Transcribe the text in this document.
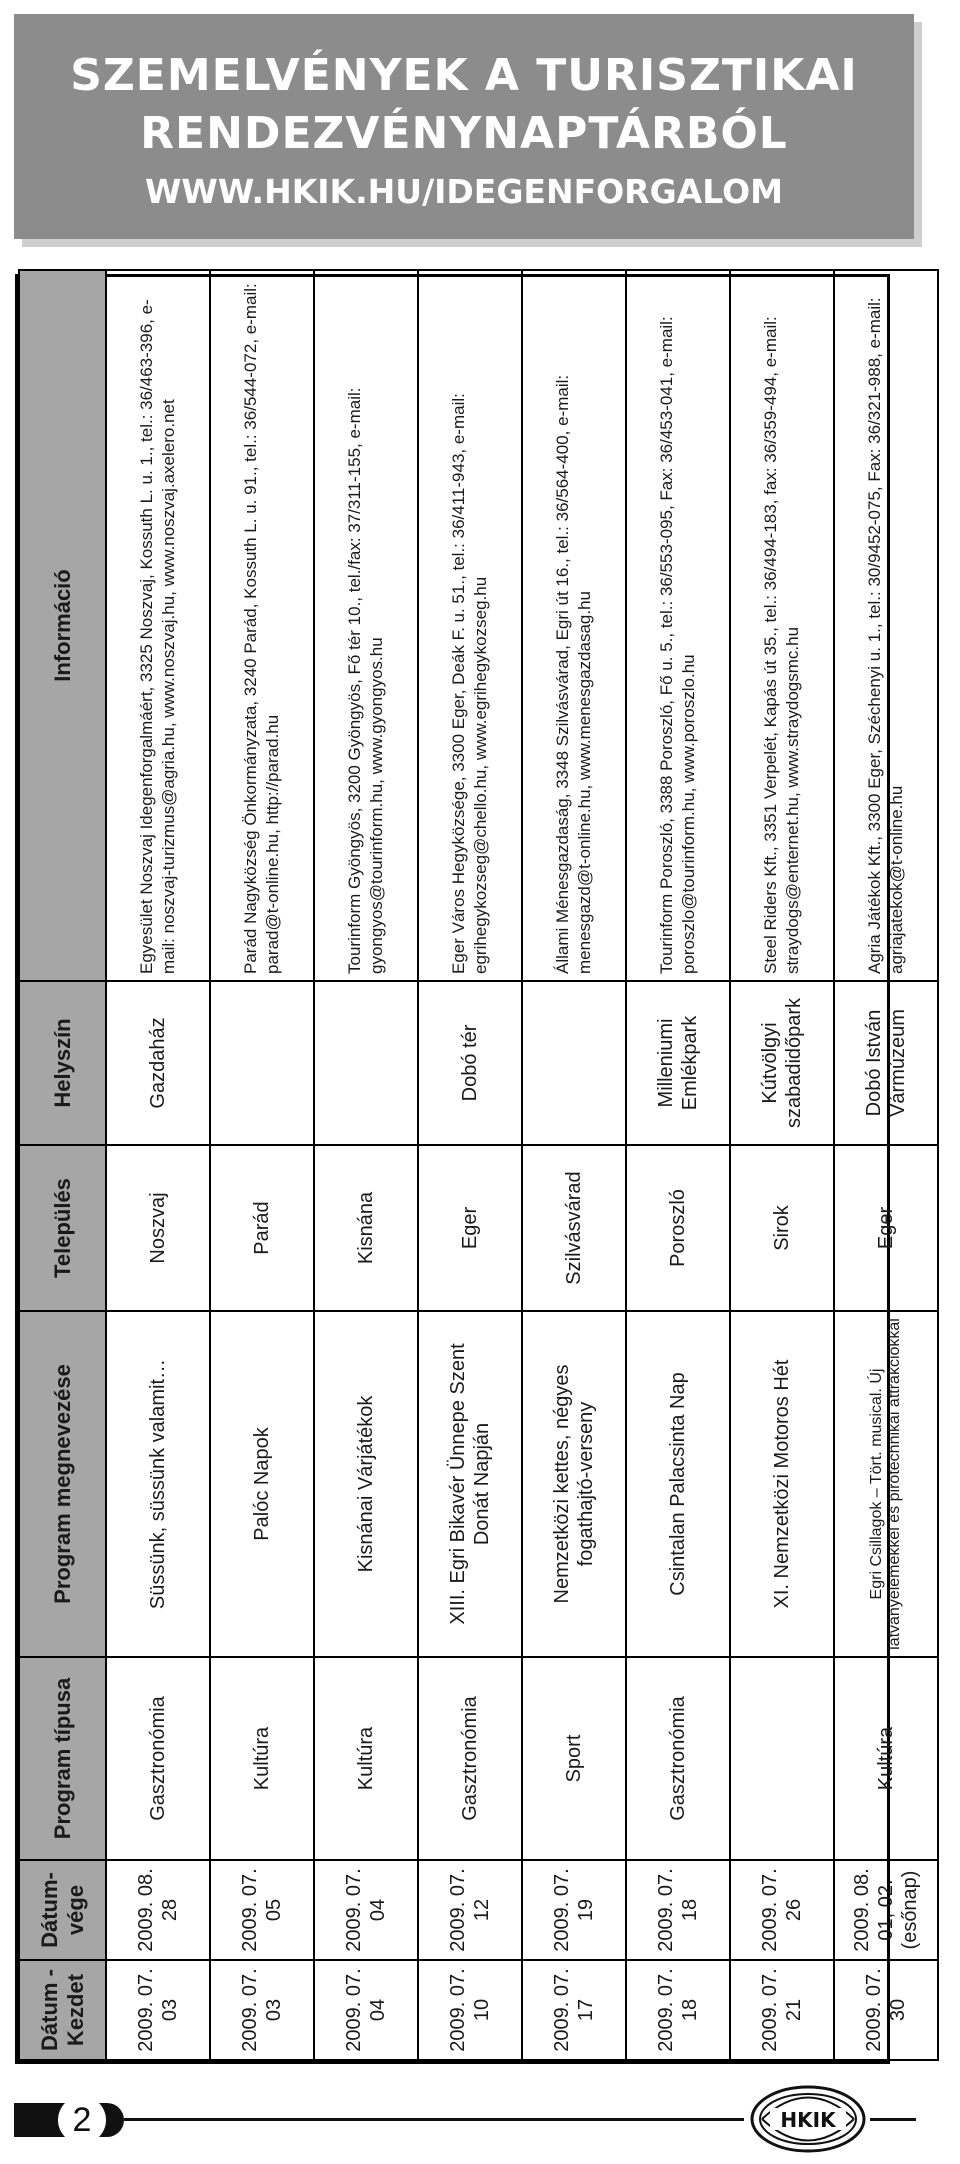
SZEMELVÉNYEK A TURISZTIKAI
RENDEZVÉNYNAPTÁRBÓL
WWW.HKIK.HU/IDEGENFORGALOM
Dátum - Kezdet	Dátum-vége	Program típusa	Program megnevezése	Település	Helyszín	Információ
2009. 07. 03	2009. 08. 28	Gasztronómia	Süssünk, süssünk valamit…	Noszvaj	Gazdaház	Egyesület Noszvaj Idegenforgalmáért, 3325 Noszvaj, Kossuth L. u. 1., tel.: 36/463-396, e-mail: noszvaj-turizmus@agria.hu, www.noszvaj.hu, www.noszvaj.axelero.net
2009. 07. 03	2009. 07. 05	Kultúra	Palóc Napok	Parád		Parád Nagyközség Önkormányzata, 3240 Parád, Kossuth L. u. 91., tel.: 36/544-072, e-mail: parad@t-online.hu, http://parad.hu
2009. 07. 04	2009. 07. 04	Kultúra	Kisnánai Várjátékok	Kisnána		Tourinform Gyöngyös, 3200 Gyöngyös, Fő tér 10., tel./fax: 37/311-155, e-mail: gyongyos@tourinform.hu, www.gyongyos.hu
2009. 07. 10	2009. 07. 12	Gasztronómia	XIII. Egri Bikavér Ünnepe Szent Donát Napján	Eger	Dobó tér	Eger Város Hegyközsége, 3300 Eger, Deák F. u. 51., tel.: 36/411-943, e-mail: egrihegykozseg@chello.hu, www.egrihegykozseg.hu
2009. 07. 17	2009. 07. 19	Sport	Nemzetközi kettes, négyes fogathajtó-verseny	Szilvásvárad		Állami Ménesgazdaság, 3348 Szilvásvárad, Egri út 16., tel.: 36/564-400, e-mail: menesgazd@t-online.hu, www.menesgazdasag.hu
2009. 07. 18	2009. 07. 18	Gasztronómia	Csintalan Palacsinta Nap	Poroszló	Milleniumi Emlékpark	Tourinform Poroszló, 3388 Poroszló, Fő u. 5., tel.: 36/553-095, Fax: 36/453-041, e-mail: poroszlo@tourinform.hu, www.poroszlo.hu
2009. 07. 21	2009. 07. 26		XI. Nemzetközi Motoros Hét	Sirok	Kútvölgyi szabadidőpark	Steel Riders Kft., 3351 Verpelét, Kapás út 35., tel.: 36/494-183, fax: 36/359-494, e-mail: straydogs@enternet.hu, www.straydogsmc.hu
2009. 07. 30	2009. 08. 01, 02. (esőnap)	Kultúra	Egri Csillagok – Tört. musical. Új látványelemekkel és pirotechnikai attrakciókkal	Eger	Dobó István Vármúzeum	Agria Játékok Kft., 3300 Eger, Széchenyi u. 1., tel.: 30/9452-075, Fax: 36/321-988, e-mail: agriajatekok@t-online.hu
2	HKIK
